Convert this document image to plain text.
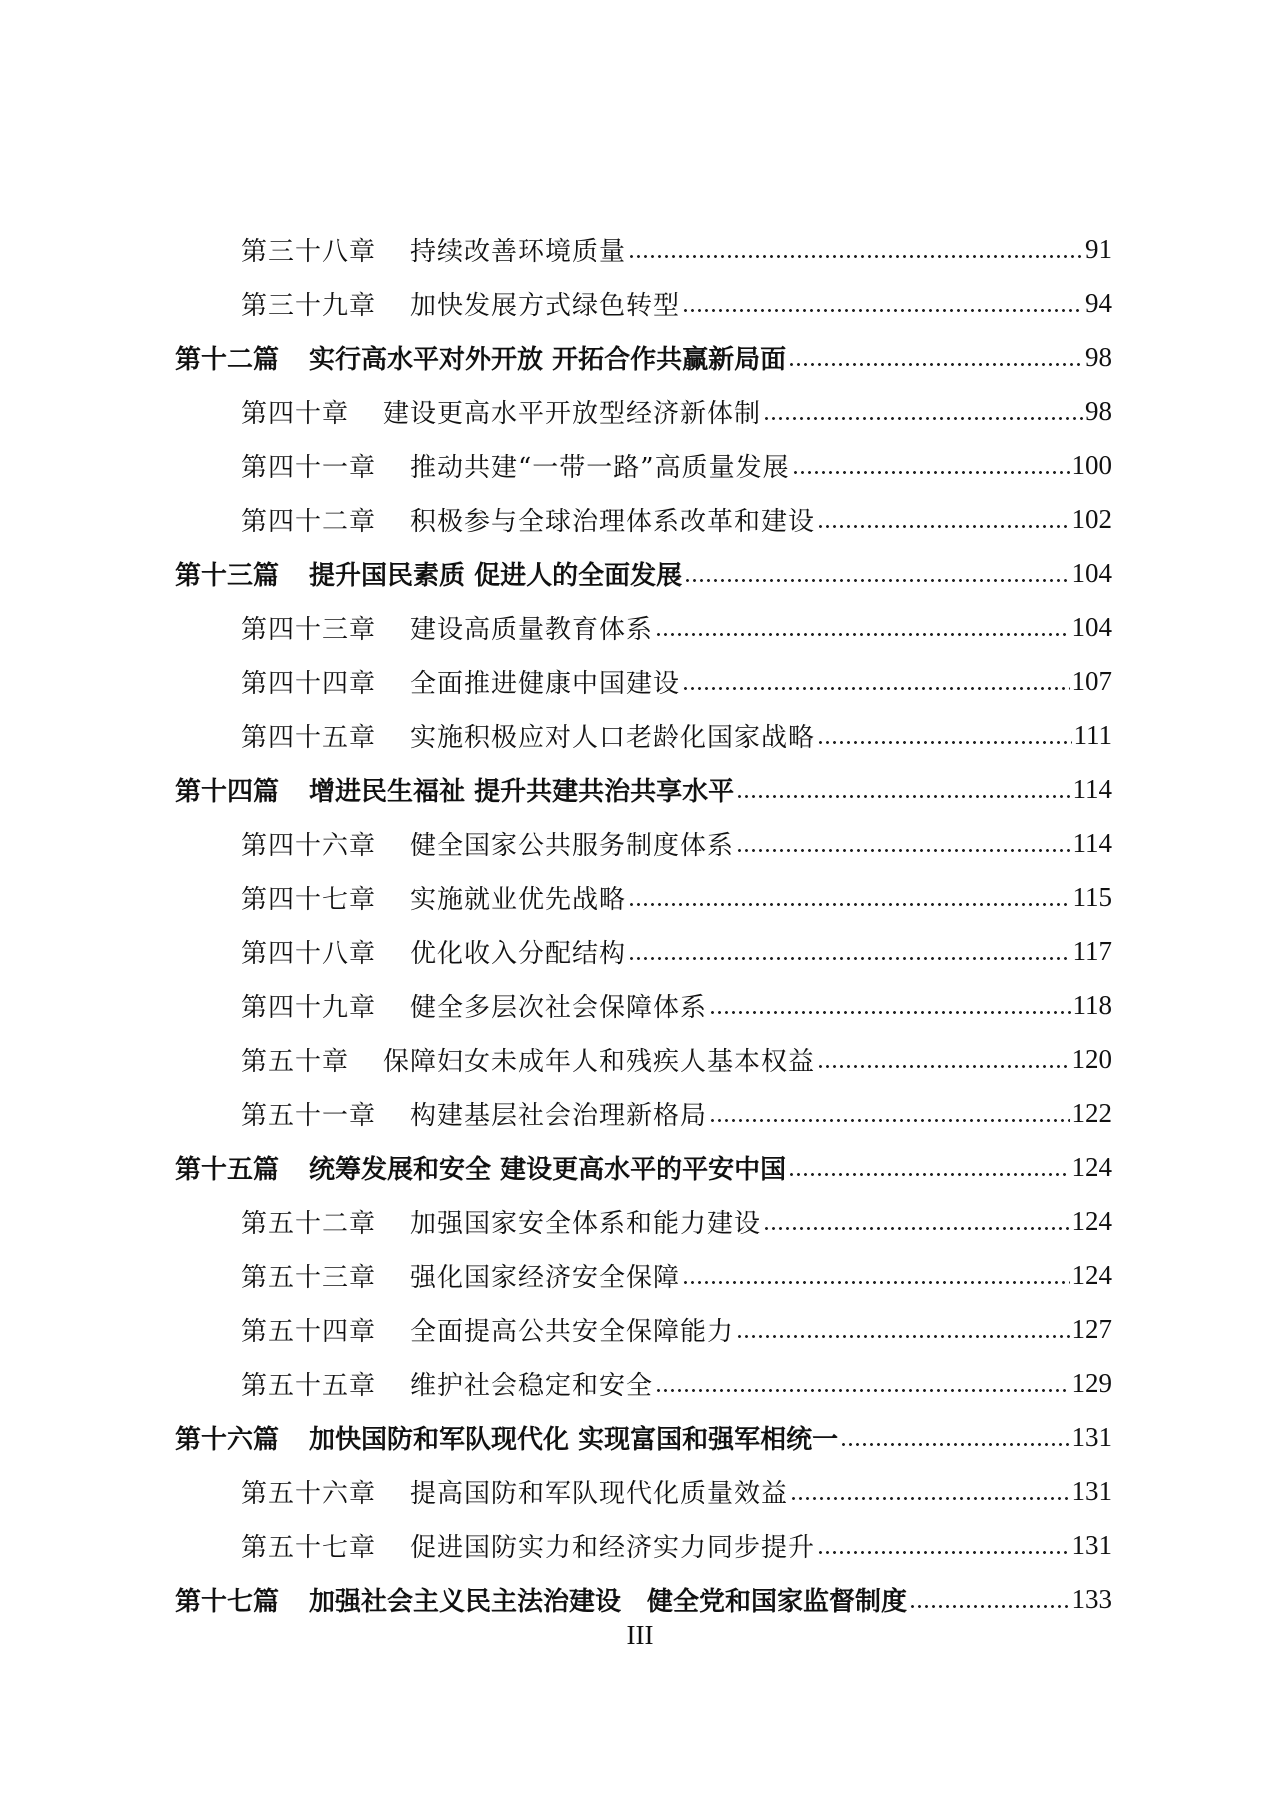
第三十八章 持续改善环境质量	91
第三十九章 加快发展方式绿色转型	94
第十二篇 实行高水平对外开放 开拓合作共赢新局面	98
第四十章 建设更高水平开放型经济新体制	98
第四十一章 推动共建“一带一路”高质量发展	100
第四十二章 积极参与全球治理体系改革和建设	102
第十三篇 提升国民素质 促进人的全面发展	104
第四十三章 建设高质量教育体系	104
第四十四章 全面推进健康中国建设	107
第四十五章 实施积极应对人口老龄化国家战略	111
第十四篇 增进民生福祉 提升共建共治共享水平	114
第四十六章 健全国家公共服务制度体系	114
第四十七章 实施就业优先战略	115
第四十八章 优化收入分配结构	117
第四十九章 健全多层次社会保障体系	118
第五十章 保障妇女未成年人和残疾人基本权益	120
第五十一章 构建基层社会治理新格局	122
第十五篇 统筹发展和安全 建设更高水平的平安中国	124
第五十二章 加强国家安全体系和能力建设	124
第五十三章 强化国家经济安全保障	124
第五十四章 全面提高公共安全保障能力	127
第五十五章 维护社会稳定和安全	129
第十六篇 加快国防和军队现代化 实现富国和强军相统一	131
第五十六章 提高国防和军队现代化质量效益	131
第五十七章 促进国防实力和经济实力同步提升	131
第十七篇 加强社会主义民主法治建设　健全党和国家监督制度	133
III
